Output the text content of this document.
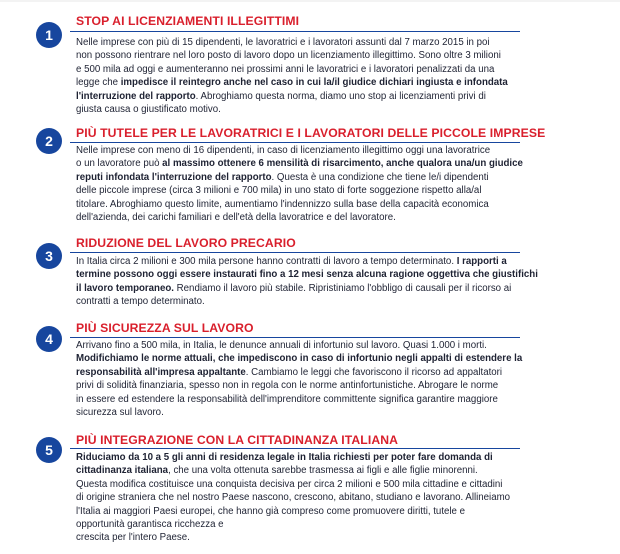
1
STOP AI LICENZIAMENTI ILLEGITTIMI

Nelle imprese con più di 15 dipendenti, le lavoratrici e i lavoratori assunti dal 7 marzo 2015 in poi

non possono rientrare nel loro posto di lavoro dopo un licenziamento illegittimo. Sono oltre 3 milioni

e 500 mila ad oggi e aumenteranno nei prossimi anni le lavoratrici e i lavoratori penalizzati da una

legge che impedisce il reintegro anche nel caso in cui la/il giudice dichiari ingiusta e infondata

l'interruzione del rapporto. Abroghiamo questa norma, diamo uno stop ai licenziamenti privi di

giusta causa o giustificato motivo.

2 PIÙ TUTELE PER LE LAVORATRICI E I LAVORATORI DELLE PICCOLE IMPRESE

Nelle imprese con meno di 16 dipendenti, in caso di licenziamento illegittimo oggi una lavoratrice

o un lavoratore può al massimo ottenere 6 mensilità di risarcimento, anche qualora una/un giudice

reputi infondata l'interruzione del rapporto. Questa è una condizione che tiene le/i dipendenti

delle piccole imprese (circa 3 milioni e 700 mila) in uno stato di forte soggezione rispetto alla/al

titolare. Abroghiamo questo limite, aumentiamo l'indennizzo sulla base della capacità economica

dell'azienda, dei carichi familiari e dell'età della lavoratrice e del lavoratore.

3
RIDUZIONE DEL LAVORO PRECARIO

In Italia circa 2 milioni e 300 mila persone hanno contratti di lavoro a tempo determinato. I rapporti a

termine possono oggi essere instaurati fino a 12 mesi senza alcuna ragione oggettiva che giustifichi

il lavoro temporaneo. Rendiamo il lavoro più stabile. Ripristiniamo l'obbligo di causali per il ricorso ai

contratti a tempo determinato.

4
PIÙ SICUREZZA SUL LAVORO

Arrivano fino a 500 mila, in Italia, le denunce annuali di infortunio sul lavoro. Quasi 1.000 i morti.

Modifichiamo le norme attuali, che impediscono in caso di infortunio negli appalti di estendere la

responsabilità all'impresa appaltante. Cambiamo le leggi che favoriscono il ricorso ad appaltatori

privi di solidità finanziaria, spesso non in regola con le norme antinfortunistiche. Abrogare le norme

in essere ed estendere la responsabilità dell'imprenditore committente significa garantire maggiore

sicurezza sul lavoro.

5
PIÙ INTEGRAZIONE CON LA CITTADINANZA ITALIANA

Riduciamo da 10 a 5 gli anni di residenza legale in Italia richiesti per poter fare domanda di

cittadinanza italiana, che una volta ottenuta sarebbe trasmessa ai figli e alle figlie minorenni.

Questa modifica costituisce una conquista decisiva per circa 2 milioni e 500 mila cittadine e cittadini

di origine straniera che nel nostro Paese nascono, crescono, abitano, studiano e lavorano. Allineiamo

l'Italia ai maggiori Paesi europei, che hanno già compreso come promuovere diritti, tutele e

opportunità garantisca ricchezza e

crescita per l'intero Paese.
